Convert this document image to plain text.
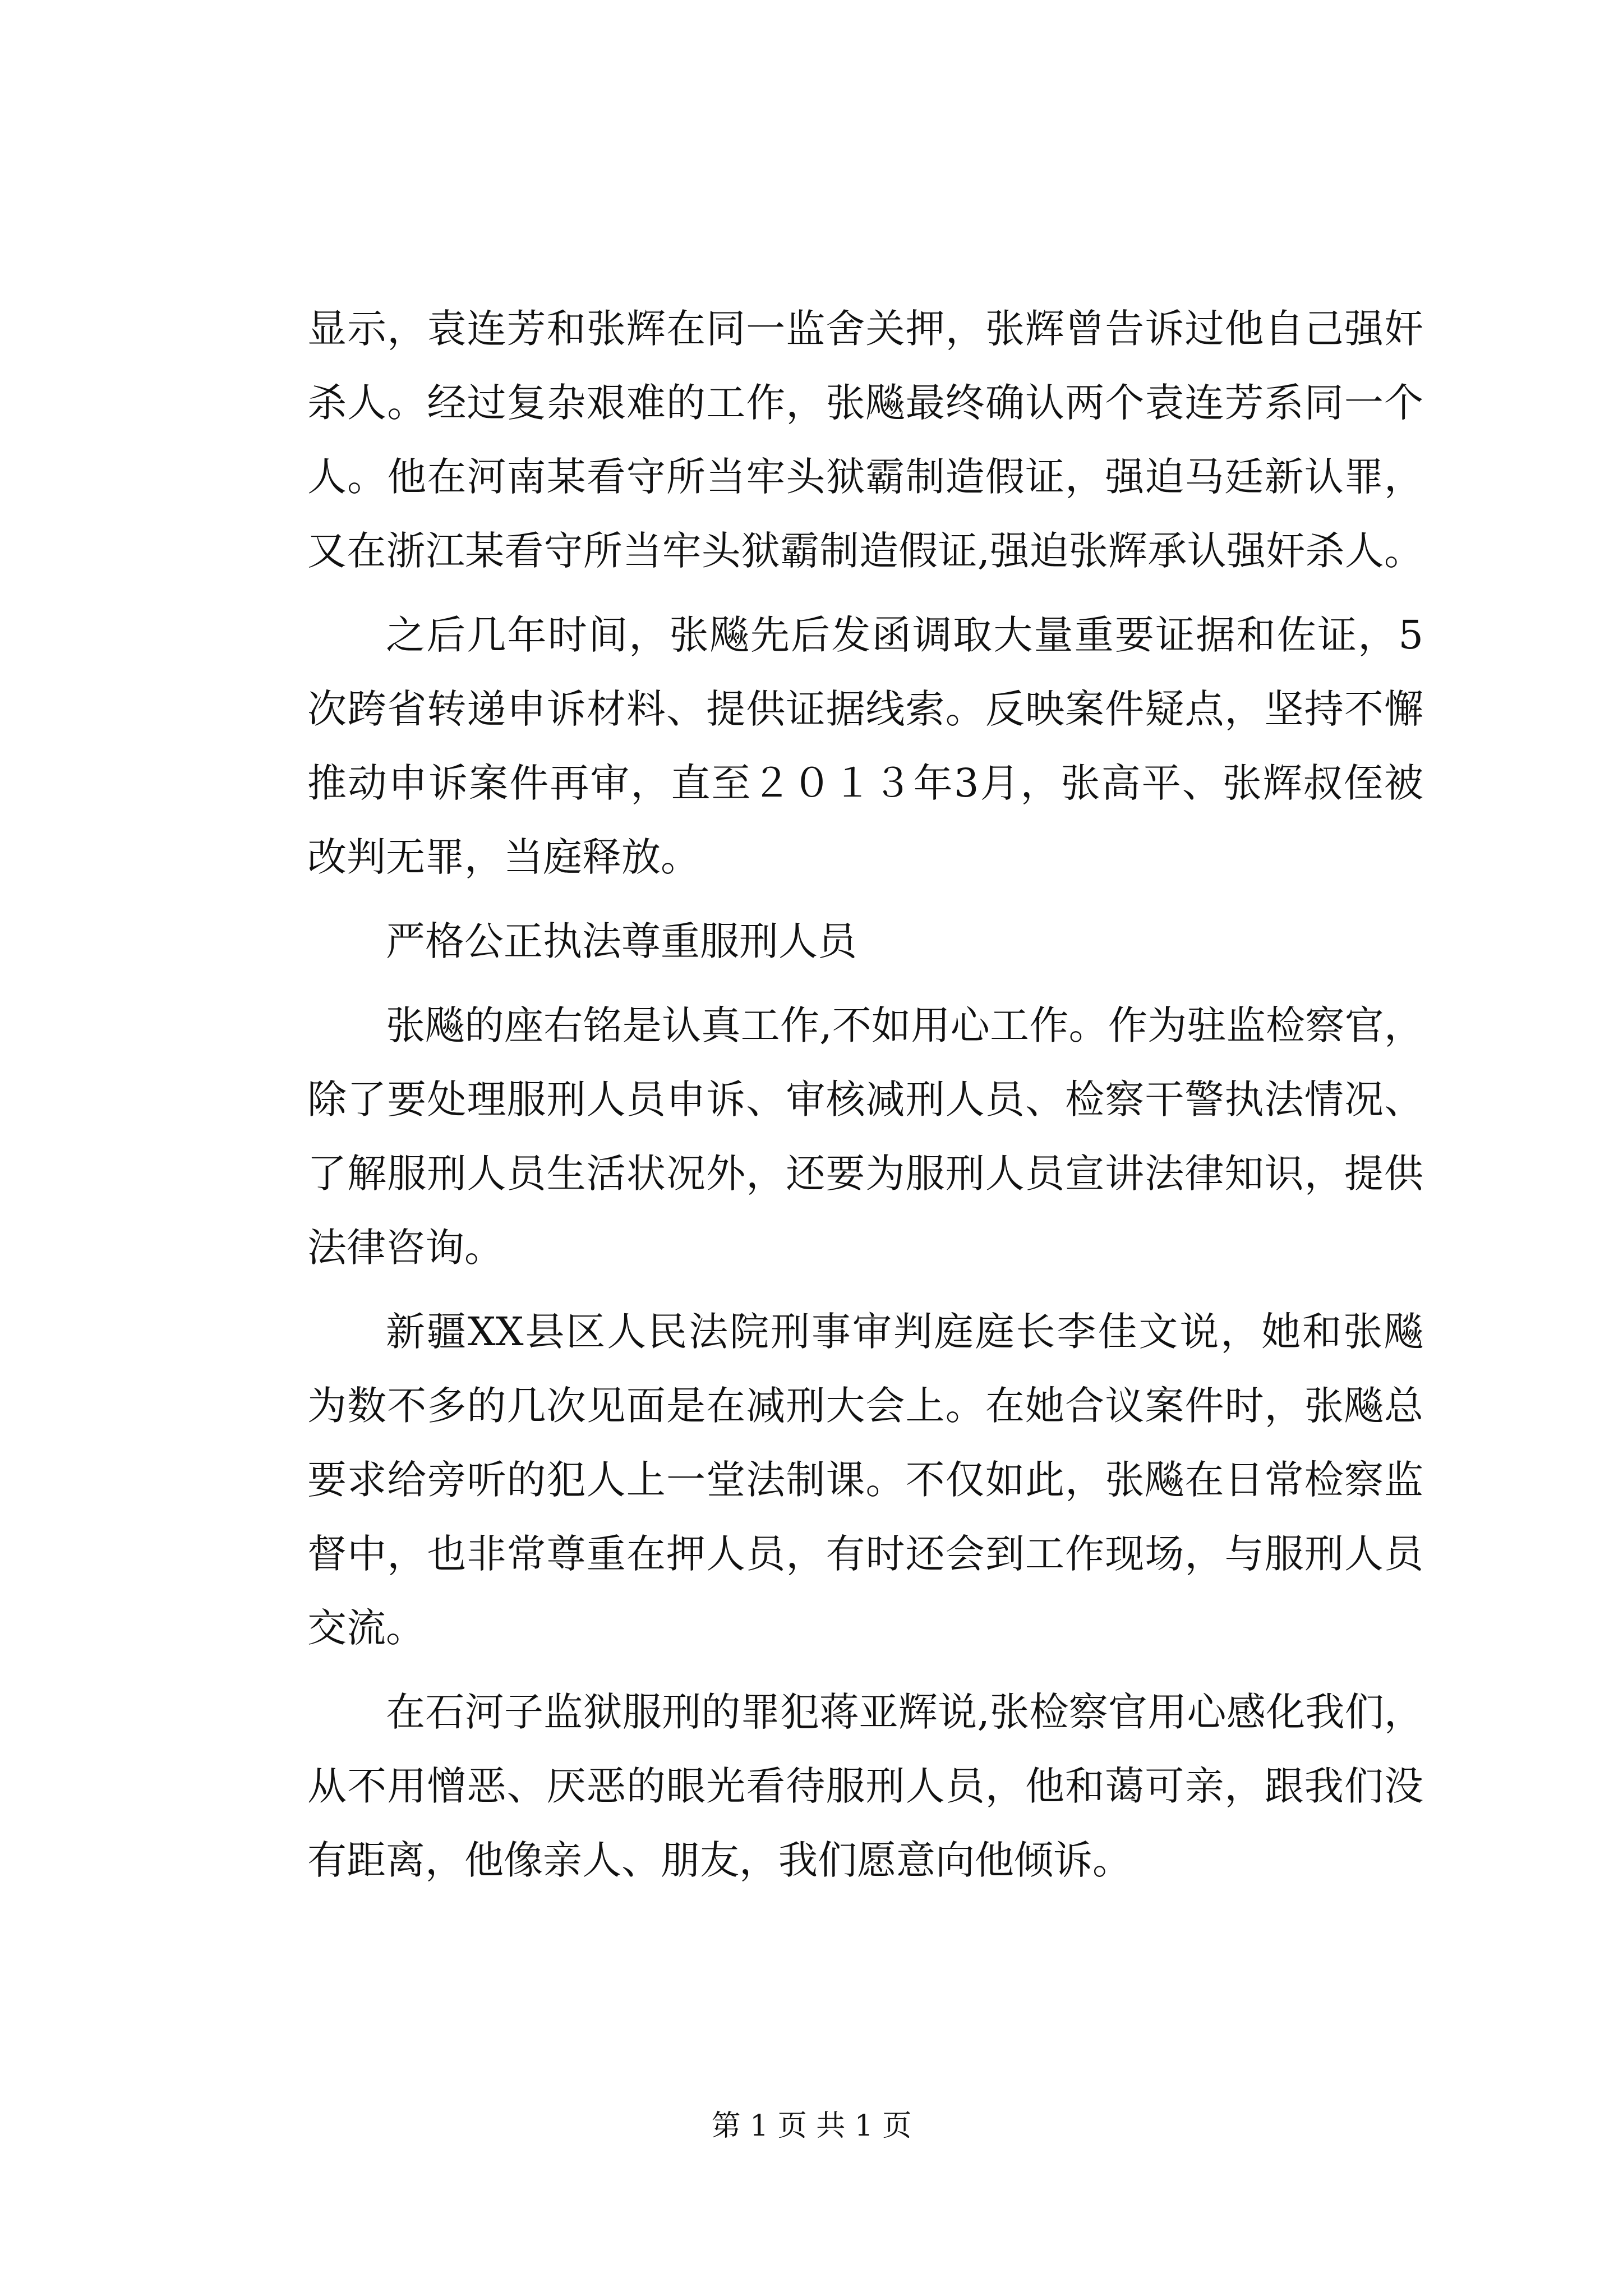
显示，袁连芳和张辉在同一监舍关押，张辉曾告诉过他自己强奸
杀人。经过复杂艰难的工作，张飚最终确认两个袁连芳系同一个
人。他在河南某看守所当牢头狱霸制造假证，强迫马廷新认罪，
又在浙江某看守所当牢头狱霸制造假证,强迫张辉承认强奸杀人。
之后几年时间，张飚先后发函调取大量重要证据和佐证，5
次跨省转递申诉材料、提供证据线索。反映案件疑点，坚持不懈
推动申诉案件再审，直至２０１３年3月，张高平、张辉叔侄被
改判无罪，当庭释放。
严格公正执法尊重服刑人员
张飚的座右铭是认真工作,不如用心工作。作为驻监检察官，
除了要处理服刑人员申诉、审核减刑人员、检察干警执法情况、
了解服刑人员生活状况外，还要为服刑人员宣讲法律知识，提供
法律咨询。
新疆XX县区人民法院刑事审判庭庭长李佳文说，她和张飚
为数不多的几次见面是在减刑大会上。在她合议案件时，张飚总
要求给旁听的犯人上一堂法制课。不仅如此，张飚在日常检察监
督中，也非常尊重在押人员，有时还会到工作现场，与服刑人员
交流。
在石河子监狱服刑的罪犯蒋亚辉说,张检察官用心感化我们，
从不用憎恶、厌恶的眼光看待服刑人员，他和蔼可亲，跟我们没
有距离，他像亲人、朋友，我们愿意向他倾诉。
第 1 页 共 1 页
